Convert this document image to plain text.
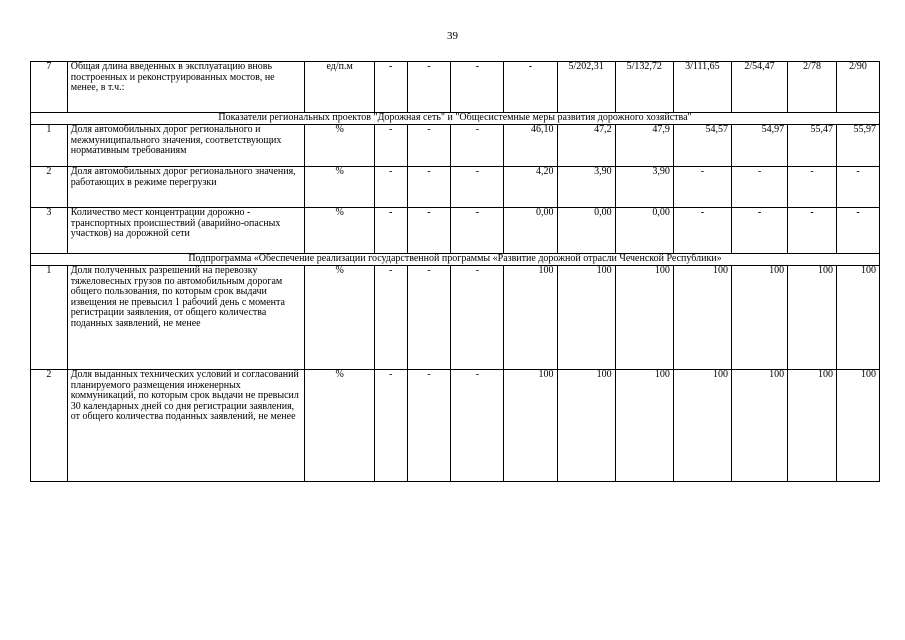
39
7	Общая длина введенных в эксплуатацию вновь построенных и реконструированных мостов, не менее, в т.ч.:	ед/п.м	-	-	-	-	5/202,31	5/132,72	3/111,65	2/54,47	2/78	2/90
Показатели региональных проектов "Дорожная сеть" и "Общесистемные меры развития дорожного хозяйства"												
1	Доля автомобильных дорог регионального и межмуниципального значения, соответствующих нормативным требованиям	%	-	-	-	46,10	47,2	47,9	54,57	54,97	55,47	55,97
2	Доля автомобильных дорог регионального значения, работающих в режиме перегрузки	%	-	-	-	4,20	3,90	3,90	-	-	-	-
3	Количество мест концентрации дорожно - транспортных происшествий (аварийно-опасных участков) на дорожной сети	%	-	-	-	0,00	0,00	0,00	-	-	-	-
Подпрограмма «Обеспечение реализации государственной программы «Развитие дорожной отрасли Чеченской Республики»												
1	Доля полученных разрешений на перевозку тяжеловесных грузов по автомобильным дорогам общего пользования, по которым срок выдачи извещения не превысил 1 рабочий день с момента регистрации заявления, от общего количества поданных заявлений, не менее	%	-	-	-	100	100	100	100	100	100	100
2	Доля выданных технических условий и согласований планируемого размещения инженерных коммуникаций, по которым срок выдачи не превысил 30 календарных дней со дня регистрации заявления, от общего количества поданных заявлений, не менее	%	-	-	-	100	100	100	100	100	100	100
